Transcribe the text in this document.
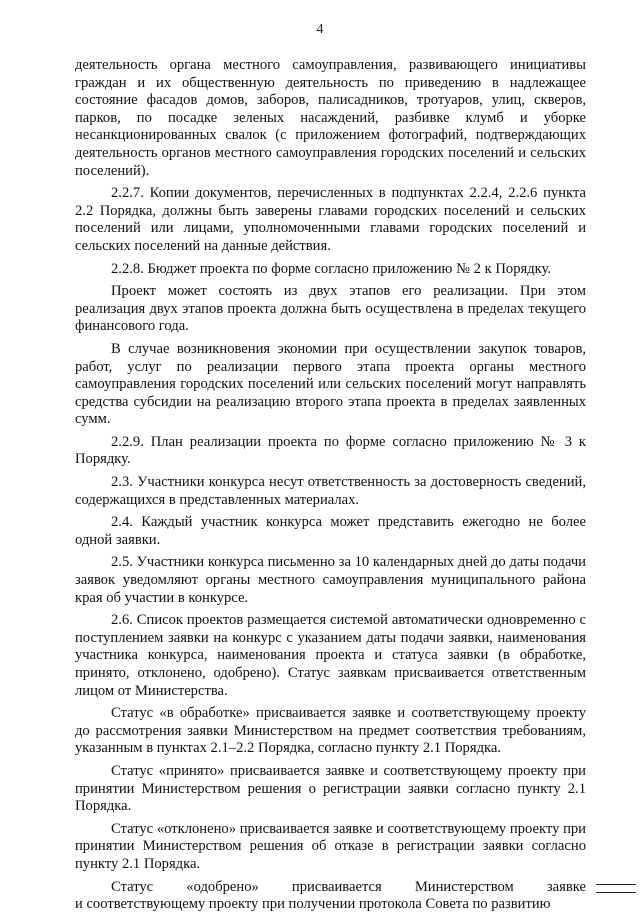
4

деятельность органа местного самоуправления, развивающего инициативы граждан и их общественную деятельность по приведению в надлежащее состояние фасадов домов, заборов, палисадников, тротуаров, улиц, скверов, парков, по посадке зеленых насаждений, разбивке клумб и уборке несанкционированных свалок (с приложением фотографий, подтверждающих деятельность органов местного самоуправления городских поселений и сельских поселений).

2.2.7. Копии документов, перечисленных в подпунктах 2.2.4, 2.2.6 пункта 2.2 Порядка, должны быть заверены главами городских поселений и сельских поселений или лицами, уполномоченными главами городских поселений и сельских поселений на данные действия.

2.2.8. Бюджет проекта по форме согласно приложению № 2 к Порядку.

Проект может состоять из двух этапов его реализации. При этом реализация двух этапов проекта должна быть осуществлена в пределах текущего финансового года.

В случае возникновения экономии при осуществлении закупок товаров, работ, услуг по реализации первого этапа проекта органы местного самоуправления городских поселений или сельских поселений могут направлять средства субсидии на реализацию второго этапа проекта в пределах заявленных сумм.

2.2.9. План реализации проекта по форме согласно приложению № 3 к Порядку.

2.3. Участники конкурса несут ответственность за достоверность сведений, содержащихся в представленных материалах.

2.4. Каждый участник конкурса может представить ежегодно не более одной заявки.

2.5. Участники конкурса письменно за 10 календарных дней до даты подачи заявок уведомляют органы местного самоуправления муниципального района края об участии в конкурсе.

2.6. Список проектов размещается системой автоматически одновременно с поступлением заявки на конкурс с указанием даты подачи заявки, наименования участника конкурса, наименования проекта и статуса заявки (в обработке, принято, отклонено, одобрено). Статус заявкам присваивается ответственным лицом от Министерства.

Статус «в обработке» присваивается заявке и соответствующему проекту до рассмотрения заявки Министерством на предмет соответствия требованиям, указанным в пунктах 2.1–2.2 Порядка, согласно пункту 2.1 Порядка.

Статус «принято» присваивается заявке и соответствующему проекту при принятии Министерством решения о регистрации заявки согласно пункту 2.1 Порядка.

Статус «отклонено» присваивается заявке и соответствующему проекту при принятии Министерством решения об отказе в регистрации заявки согласно пункту 2.1 Порядка.

Статус «одобрено» присваивается Министерством заявке

и соответствующему проекту при получении протокола Совета по развитию
